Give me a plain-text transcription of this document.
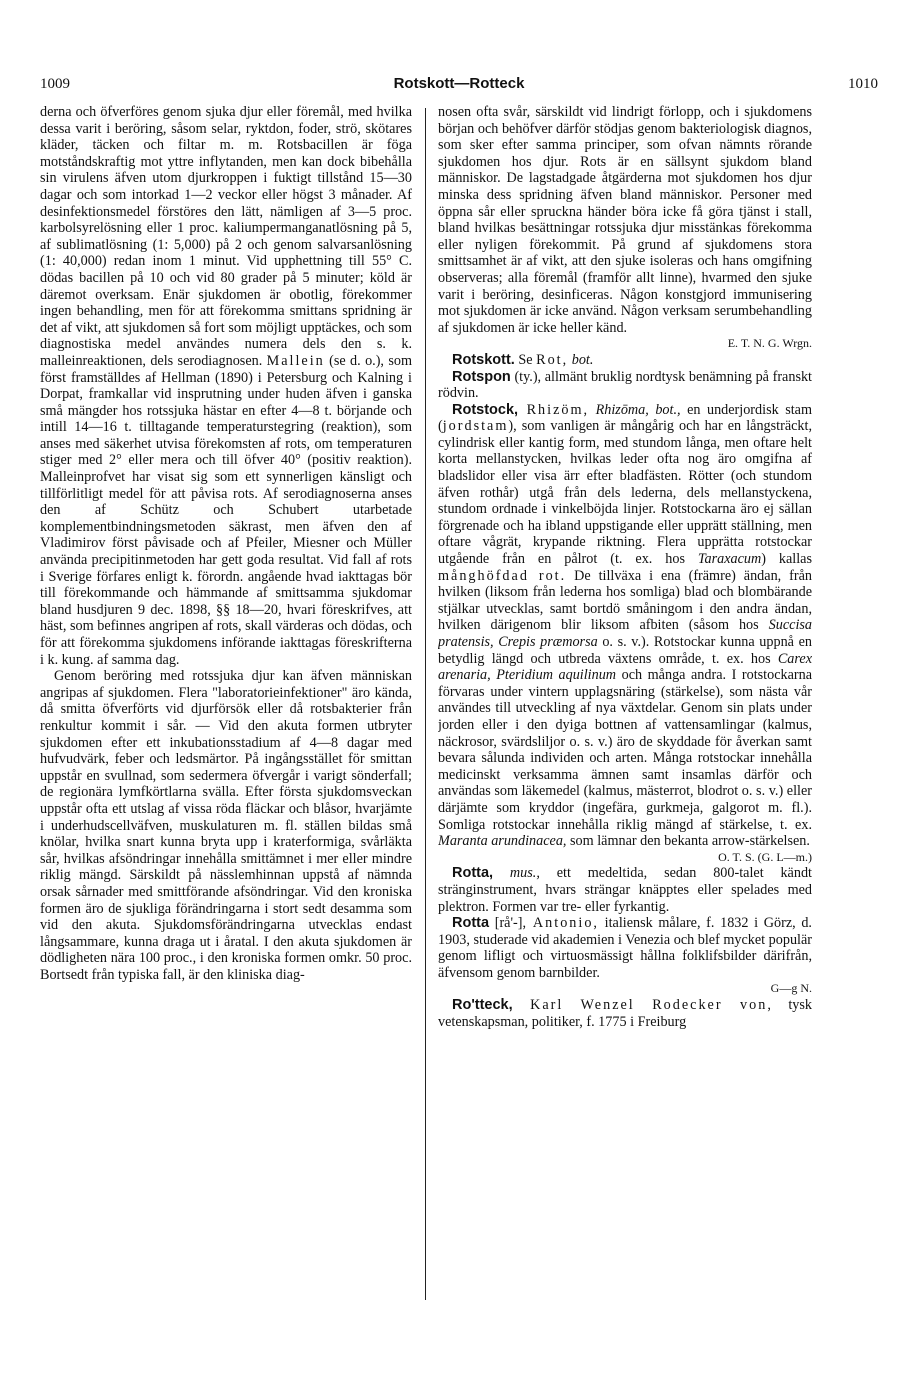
1009	Rotskott—Rotteck	1010

derna och öfverföres genom sjuka djur eller föremål, med hvilka dessa varit i beröring, såsom selar, ryktdon, foder, strö, skötares kläder, täcken och filtar m. m. Rotsbacillen är föga motståndskraftig mot yttre inflytanden, men kan dock bibehålla sin virulens äfven utom djurkroppen i fuktigt tillstånd 15—30 dagar och som intorkad 1—2 veckor eller högst 3 månader. Af desinfektionsmedel förstöres den lätt, nämligen af 3—5 proc. karbolsyrelösning eller 1 proc. kaliumpermanganatlösning på 5, af sublimatlösning (1: 5,000) på 2 och genom salvarsanlösning (1: 40,000) redan inom 1 minut. Vid upphettning till 55° C. dödas bacillen på 10 och vid 80 grader på 5 minuter; köld är däremot overksam. Enär sjukdomen är obotlig, förekommer ingen behandling, men för att förekomma smittans spridning är det af vikt, att sjukdomen så fort som möjligt upptäckes, och som diagnostiska medel användes numera dels den s. k. malleinreaktionen, dels serodiagnosen. Mallein (se d. o.), som först framställdes af Hellman (1890) i Petersburg och Kalning i Dorpat, framkallar vid insprutning under huden äfven i ganska små mängder hos rotssjuka hästar en efter 4—8 t. börjande och intill 14—16 t. tilltagande temperaturstegring (reaktion), som anses med säkerhet utvisa förekomsten af rots, om temperaturen stiger med 2° eller mera och till öfver 40° (positiv reaktion). Malleinprofvet har visat sig som ett synnerligen känsligt och tillförlitligt medel för att påvisa rots. Af serodiagnoserna anses den af Schütz och Schubert utarbetade komplementbindningsmetoden säkrast, men äfven den af Vladimirov först påvisade och af Pfeiler, Miesner och Müller använda precipitinmetoden har gett goda resultat. Vid fall af rots i Sverige förfares enligt k. förordn. angående hvad iakttagas bör till förekommande och hämmande af smittsamma sjukdomar bland husdjuren 9 dec. 1898, §§ 18—20, hvari föreskrifves, att häst, som befinnes angripen af rots, skall värderas och dödas, och för att förekomma sjukdomens införande iakttagas föreskrifterna i k. kung. af samma dag.

Genom beröring med rotssjuka djur kan äfven människan angripas af sjukdomen. Flera "laboratorieinfektioner" äro kända, då smitta öfverförts vid djurförsök eller då rotsbakterier från renkultur kommit i sår. — Vid den akuta formen utbryter sjukdomen efter ett inkubationsstadium af 4—8 dagar med hufvudvärk, feber och ledsmärtor. På ingångsstället för smittan uppstår en svullnad, som sedermera öfvergår i varigt sönderfall; de regionära lymfkörtlarna svälla. Efter första sjukdomsveckan uppstår ofta ett utslag af vissa röda fläckar och blåsor, hvarjämte i underhudscellväfven, muskulaturen m. fl. ställen bildas små knölar, hvilka snart kunna bryta upp i kraterformiga, svårläkta sår, hvilkas afsöndringar innehålla smittämnet i mer eller mindre riklig mängd. Särskildt på nässlemhinnan uppstå af nämnda orsak sårnader med smittförande afsöndringar. Vid den kroniska formen äro de sjukliga förändringarna i stort sedt desamma som vid den akuta. Sjukdomsförändringarna utvecklas endast långsammare, kunna draga ut i åratal. I den akuta sjukdomen är dödligheten nära 100 proc., i den kroniska formen omkr. 50 proc. Bortsedt från typiska fall, är den kliniska diag-

nosen ofta svår, särskildt vid lindrigt förlopp, och i sjukdomens början och behöfver därför stödjas genom bakteriologisk diagnos, som sker efter samma principer, som ofvan nämnts rörande sjukdomen hos djur. Rots är en sällsynt sjukdom bland människor. De lagstadgade åtgärderna mot sjukdomen hos djur minska dess spridning äfven bland människor. Personer med öppna sår eller spruckna händer böra icke få göra tjänst i stall, bland hvilkas besättningar rotssjuka djur misstänkas förekomma eller nyligen förekommit. På grund af sjukdomens stora smittsamhet är af vikt, att den sjuke isoleras och hans omgifning observeras; alla föremål (framför allt linne), hvarmed den sjuke varit i beröring, desinficeras. Någon konstgjord immunisering mot sjukdomen är icke använd. Någon verksam serumbehandling af sjukdomen är icke heller känd.

E. T. N. G. Wrgn.

Rotskott. Se Rot, bot.

Rotspon (ty.), allmänt bruklig nordtysk benämning på franskt rödvin.

Rotstock, Rhizöm, Rhizōma, bot., en underjordisk stam (jordstam), som vanligen är mångårig och har en långsträckt, cylindrisk eller kantig form, med stundom långa, men oftare helt korta mellanstycken, hvilkas leder ofta nog äro omgifna af bladslidor eller visa ärr efter bladfästen. Rötter (och stundom äfven rothår) utgå från dels lederna, dels mellanstyckena, stundom ordnade i vinkelböjda linjer. Rotstockarna äro ej sällan förgrenade och ha ibland uppstigande eller upprätt ställning, men oftare vågrät, krypande riktning. Flera upprätta rotstockar utgående från en pålrot (t. ex. hos Taraxacum) kallas månghöfdad rot. De tillväxa i ena (främre) ändan, från hvilken (liksom från lederna hos somliga) blad och blombärande stjälkar utvecklas, samt bortdö småningom i den andra ändan, hvilken därigenom blir liksom afbiten (såsom hos Succisa pratensis, Crepis præmorsa o. s. v.). Rotstockar kunna uppnå en betydlig längd och utbreda växtens område, t. ex. hos Carex arenaria, Pteridium aquilinum och många andra. I rotstockarna förvaras under vintern upplagsnäring (stärkelse), som nästa vår användes till utveckling af nya växtdelar. Genom sin plats under jorden eller i den dyiga bottnen af vattensamlingar (kalmus, näckrosor, svärdsliljor o. s. v.) äro de skyddade för åverkan samt bevara sålunda individen och arten. Många rotstockar innehålla medicinskt verksamma ämnen samt insamlas därför och användas som läkemedel (kalmus, mästerrot, blodrot o. s. v.) eller därjämte som kryddor (ingefära, gurkmeja, galgorot m. fl.). Somliga rotstockar innehålla riklig mängd af stärkelse, t. ex. Maranta arundinacea, som lämnar den bekanta arrow-stärkelsen.

O. T. S. (G. L—m.)

Rotta, mus., ett medeltida, sedan 800-talet kändt stränginstrument, hvars strängar knäpptes eller spelades med plektron. Formen var tre- eller fyrkantig.

Rotta [rå'-], Antonio, italiensk målare, f. 1832 i Görz, d. 1903, studerade vid akademien i Venezia och blef mycket populär genom lifligt och virtuosmässigt hållna folklifsbilder därifrån, äfvensom genom barnbilder.

G—g N.

Ro'tteck, Karl Wenzel Rodecker von, tysk vetenskapsman, politiker, f. 1775 i Freiburg
